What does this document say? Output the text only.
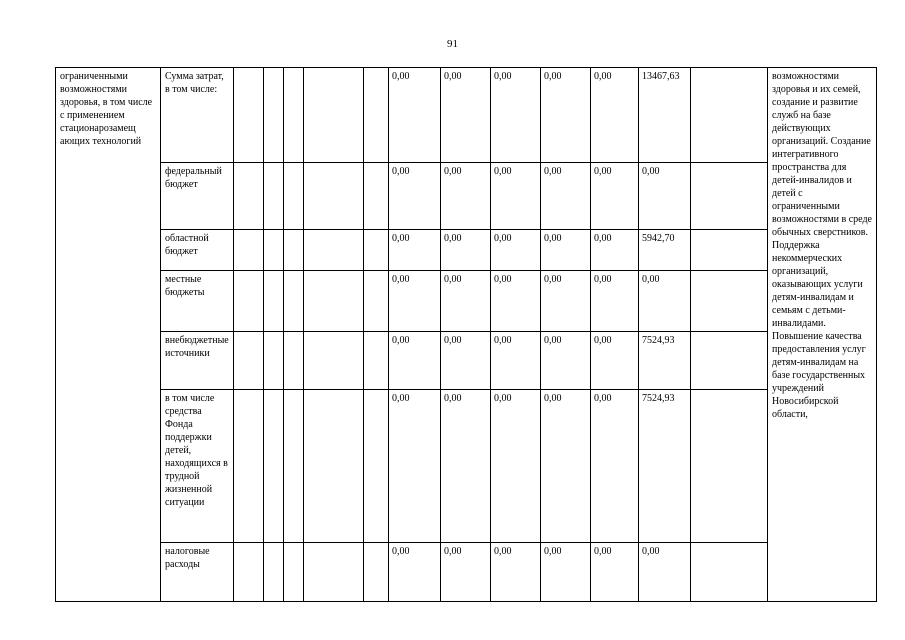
91
ограниченными возможностями здоровья, в том числе с применением стационарозамещ ающих технологий	Сумма затрат, в том числе:						0,00	0,00	0,00	0,00	0,00	13467,63		возможностями здоровья и их семей, создание и развитие служб на базе действующих организаций. Создание интегративного пространства для детей-инвалидов и детей с ограниченными возможностями в среде обычных сверстников. Поддержка некоммерческих организаций, оказывающих услуги детям-инвалидам и семьям с детьми-инвалидами. Повышение качества предоставления услуг детям-инвалидам на базе государственных учреждений Новосибирской области,
	федеральный бюджет						0,00	0,00	0,00	0,00	0,00	0,00		
	областной бюджет						0,00	0,00	0,00	0,00	0,00	5942,70		
	местные бюджеты						0,00	0,00	0,00	0,00	0,00	0,00		
	внебюджетные источники						0,00	0,00	0,00	0,00	0,00	7524,93		
	в том числе средства Фонда поддержки детей, находящихся в трудной жизненной ситуации						0,00	0,00	0,00	0,00	0,00	7524,93		
	налоговые расходы						0,00	0,00	0,00	0,00	0,00	0,00		
